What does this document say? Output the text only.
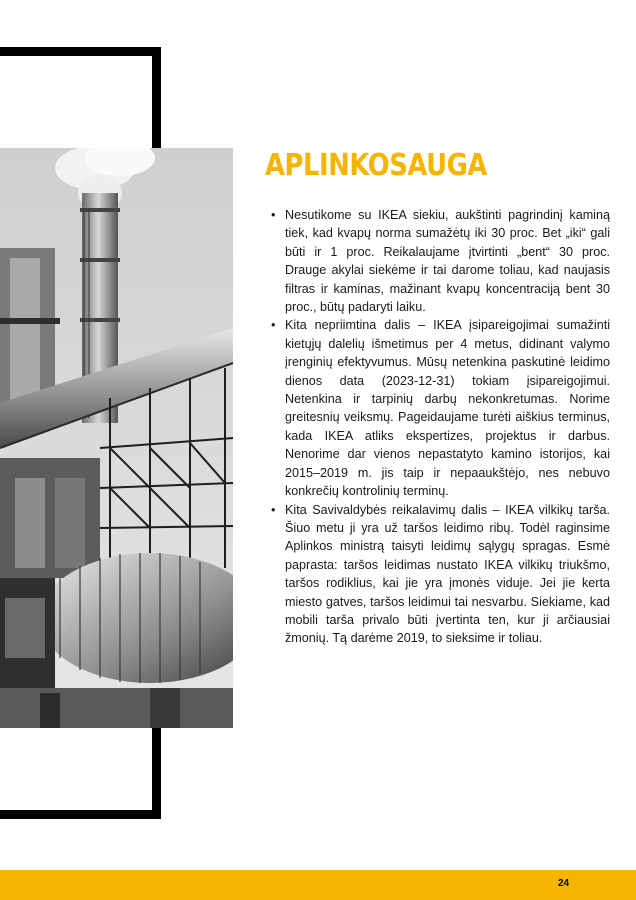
APLINKOSAUGA
• Nesutikome su IKEA siekiu, aukštinti pagrindinį kaminą tiek, kad kvapų norma sumažėtų iki 30 proc. Bet „iki“ gali būti ir 1 proc. Reikalaujame įtvirtinti „bent“ 30 proc. Drauge akylai siekėme ir tai darome toliau, kad naujasis filtras ir kaminas, mažinant kvapų koncentraciją bent 30 proc., būtų padaryti laiku.
• Kita nepriimtina dalis – IKEA įsipareigojimai sumažinti kietųjų dalelių išmetimus per 4 metus, didinant valymo įrenginių efektyvumus. Mūsų netenkina paskutinė leidimo dienos data (2023-12-31) tokiam įsipareigojimui. Netenkina ir tarpinių darbų nekonkretumas. Norime greitesnių veiksmų. Pageidaujame turėti aiškius terminus, kada IKEA atliks ekspertizes, projektus ir darbus. Nenorime dar vienos nepastatyto kamino istorijos, kai 2015–2019 m. jis taip ir nepaaukštėjo, nes nebuvo konkrečių kontrolinių terminų.
• Kita Savivaldybės reikalavimų dalis – IKEA vilkikų tarša. Šiuo metu ji yra už taršos leidimo ribų. Todėl raginsime Aplinkos ministrą taisyti leidimų sąlygų spragas. Esmė paprasta: taršos leidimas nustato IKEA vilkikų triukšmo, taršos rodiklius, kai jie yra įmonės viduje. Jei jie kerta miesto gatves, taršos leidimui tai nesvarbu. Siekiame, kad mobili tarša privalo būti įvertinta ten, kur ji arčiausiai žmonių. Tą darėme 2019, to sieksime ir toliau.
24
